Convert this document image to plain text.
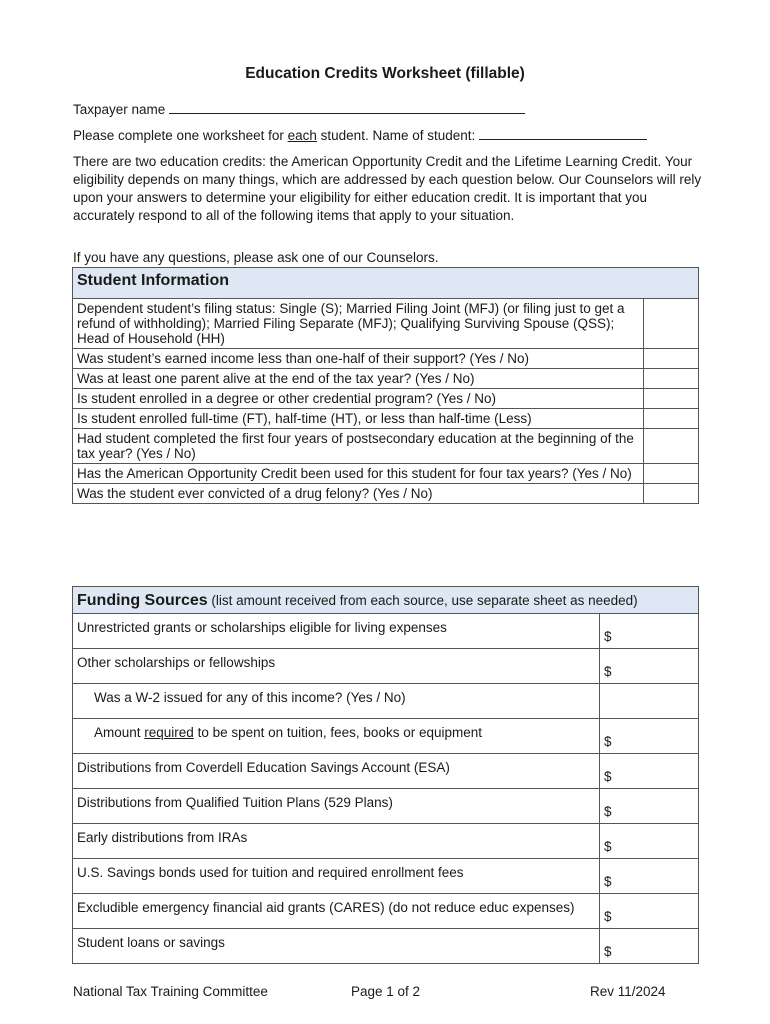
Education Credits Worksheet (fillable)
Taxpayer name
Please complete one worksheet for each student. Name of student:
There are two education credits: the American Opportunity Credit and the Lifetime Learning Credit. Your eligibility depends on many things, which are addressed by each question below. Our Counselors will rely upon your answers to determine your eligibility for either education credit. It is important that you accurately respond to all of the following items that apply to your situation.
If you have any questions, please ask one of our Counselors.
Student Information	
Dependent student’s filing status: Single (S); Married Filing Joint (MFJ) (or filing just to get a refund of withholding); Married Filing Separate (MFJ); Qualifying Surviving Spouse (QSS); Head of Household (HH)	
Was student’s earned income less than one-half of their support? (Yes / No)	
Was at least one parent alive at the end of the tax year? (Yes / No)	
Is student enrolled in a degree or other credential program? (Yes / No)	
Is student enrolled full-time (FT), half-time (HT), or less than half-time (Less)	
Had student completed the first four years of postsecondary education at the beginning of the tax year? (Yes / No)	
Has the American Opportunity Credit been used for this student for four tax years? (Yes / No)	
Was the student ever convicted of a drug felony? (Yes / No)	
Funding Sources (list amount received from each source, use separate sheet as needed)	
Unrestricted grants or scholarships eligible for living expenses	$
Other scholarships or fellowships	$
Was a W-2 issued for any of this income? (Yes / No)	
Amount required to be spent on tuition, fees, books or equipment	$
Distributions from Coverdell Education Savings Account (ESA)	$
Distributions from Qualified Tuition Plans (529 Plans)	$
Early distributions from IRAs	$
U.S. Savings bonds used for tuition and required enrollment fees	$
Excludible emergency financial aid grants (CARES) (do not reduce educ expenses)	$
Student loans or savings	$
National Tax Training Committee	Page 1 of 2	Rev 11/2024
